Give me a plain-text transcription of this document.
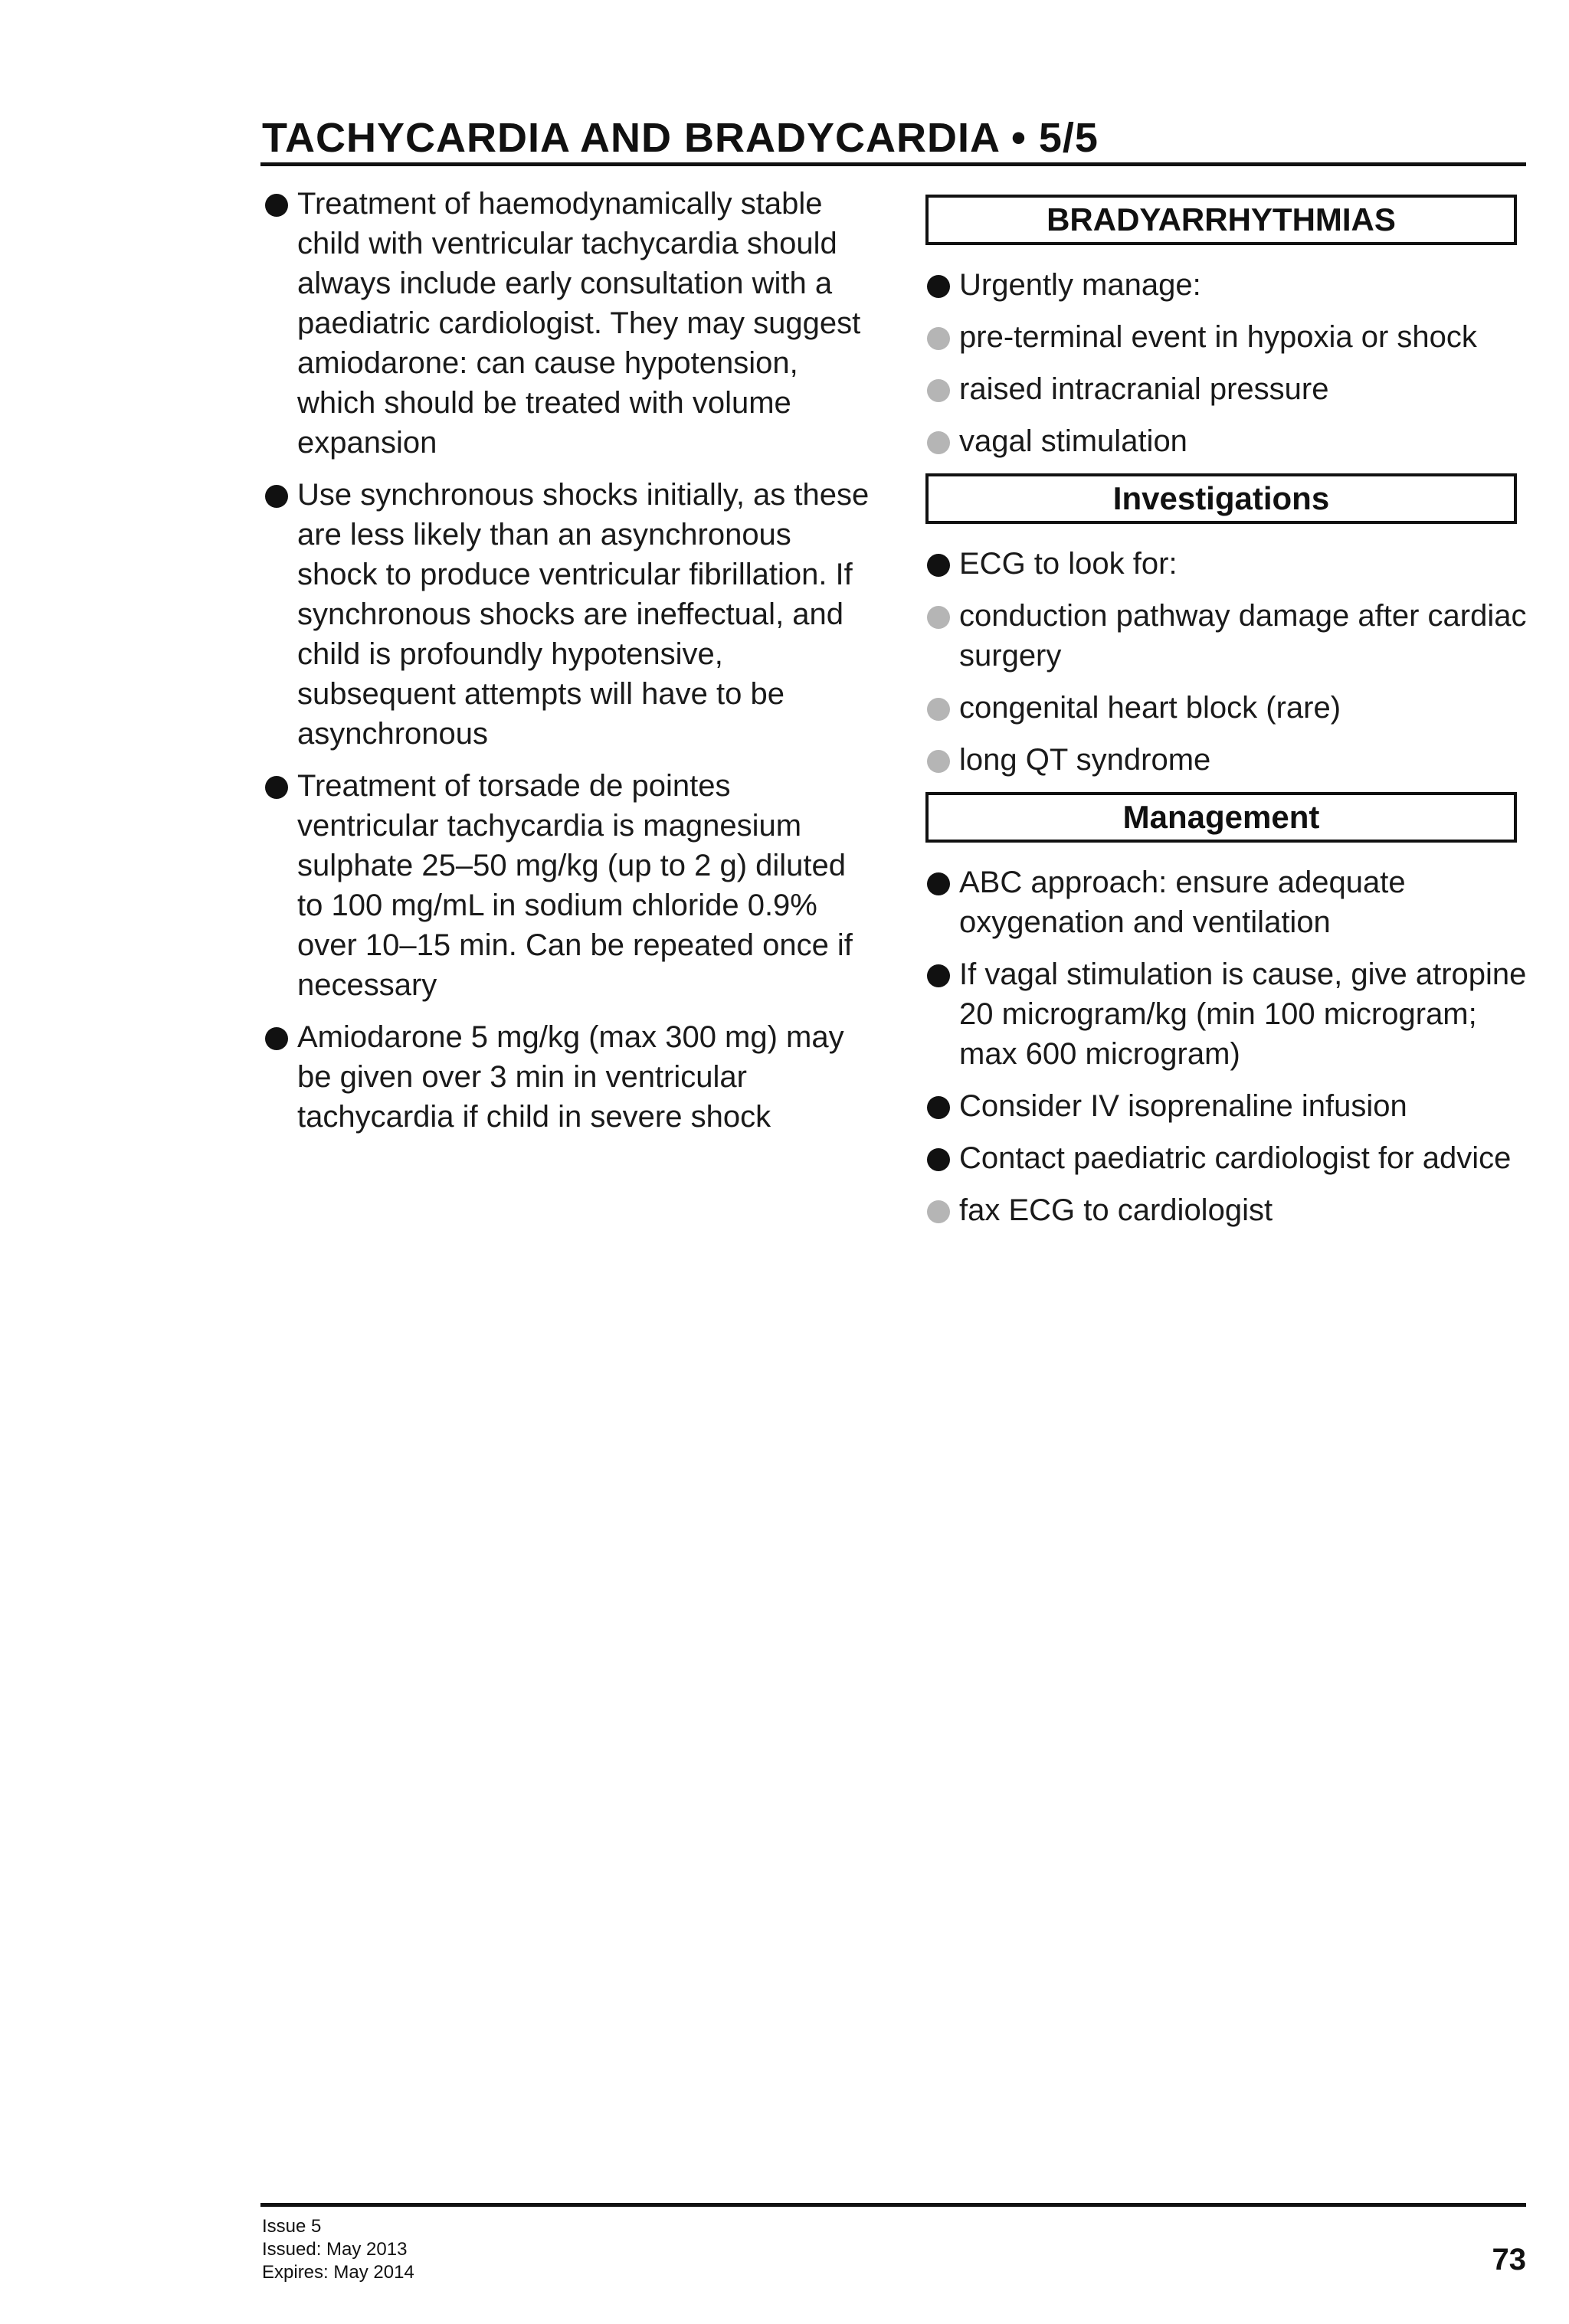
TACHYCARDIA AND BRADYCARDIA • 5/5
Treatment of haemodynamically stable child with ventricular tachycardia should always include early consultation with a paediatric cardiologist. They may suggest amiodarone: can cause hypotension, which should be treated with volume expansion
Use synchronous shocks initially, as these are less likely than an asynchronous shock to produce ventricular fibrillation. If synchronous shocks are ineffectual, and child is profoundly hypotensive, subsequent attempts will have to be asynchronous
Treatment of torsade de pointes ventricular tachycardia is magnesium sulphate 25–50 mg/kg (up to 2 g) diluted to 100 mg/mL in sodium chloride 0.9% over 10–15 min. Can be repeated once if necessary
Amiodarone 5 mg/kg (max 300 mg) may be given over 3 min in ventricular tachycardia if child in severe shock
BRADYARRHYTHMIAS
Urgently manage:
pre-terminal event in hypoxia or shock
raised intracranial pressure
vagal stimulation
Investigations
ECG to look for:
conduction pathway damage after cardiac surgery
congenital heart block (rare)
long QT syndrome
Management
ABC approach: ensure adequate oxygenation and ventilation
If vagal stimulation is cause, give atropine 20 microgram/kg (min 100 microgram; max 600 microgram)
Consider IV isoprenaline infusion
Contact paediatric cardiologist for advice
fax ECG to cardiologist
Issue 5
Issued: May 2013
Expires: May 2014	73
